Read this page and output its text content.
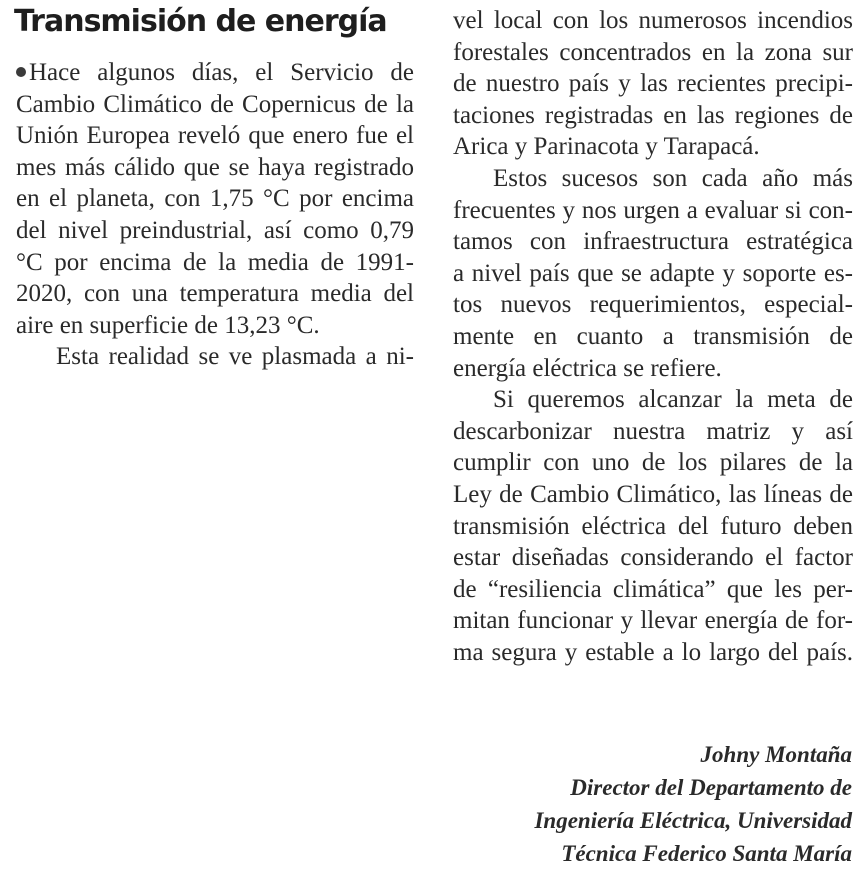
Transmisión de energía
Hace algunos días, el Servicio de
Cambio Climático de Copernicus de la
Unión Europea reveló que enero fue el
mes más cálido que se haya registrado
en el planeta, con 1,75 °C por encima
del nivel preindustrial, así como 0,79
°C por encima de la media de 1991-
2020, con una temperatura media del
aire en superficie de 13,23 °C.
Esta realidad se ve plasmada a ni-
vel local con los numerosos incendios
forestales concentrados en la zona sur
de nuestro país y las recientes precipi-
taciones registradas en las regiones de
Arica y Parinacota y Tarapacá.
Estos sucesos son cada año más
frecuentes y nos urgen a evaluar si con-
tamos con infraestructura estratégica
a nivel país que se adapte y soporte es-
tos nuevos requerimientos, especial-
mente en cuanto a transmisión de
energía eléctrica se refiere.
Si queremos alcanzar la meta de
descarbonizar nuestra matriz y así
cumplir con uno de los pilares de la
Ley de Cambio Climático, las líneas de
transmisión eléctrica del futuro deben
estar diseñadas considerando el factor
de “resiliencia climática” que les per-
mitan funcionar y llevar energía de for-
ma segura y estable a lo largo del país.
Johny Montaña
Director del Departamento de
Ingeniería Eléctrica, Universidad
Técnica Federico Santa María
